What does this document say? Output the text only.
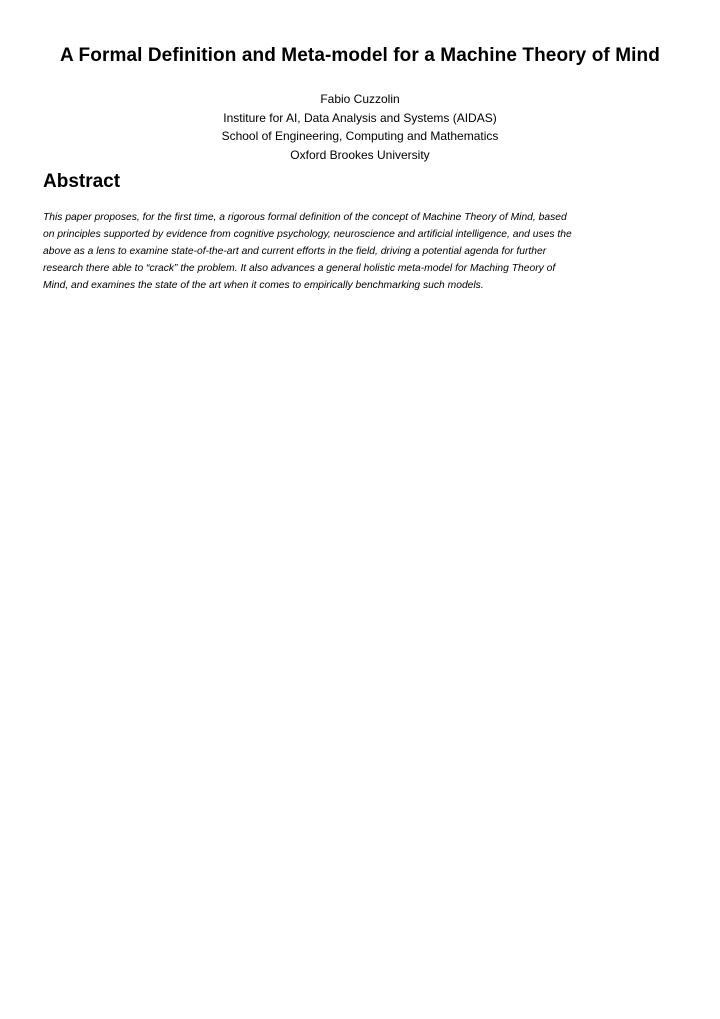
A Formal Definition and Meta-model for a Machine Theory of Mind
Fabio Cuzzolin
Institure for AI, Data Analysis and Systems (AIDAS)
School of Engineering, Computing and Mathematics
Oxford Brookes University
Abstract
This paper proposes, for the first time, a rigorous formal definition of the concept of Machine Theory of Mind, based
on principles supported by evidence from cognitive psychology, neuroscience and artificial intelligence, and uses the
above as a lens to examine state-of-the-art and current efforts in the field, driving a potential agenda for further
research there able to “crack” the problem. It also advances a general holistic meta-model for Maching Theory of
Mind, and examines the state of the art when it comes to empirically benchmarking such models.
